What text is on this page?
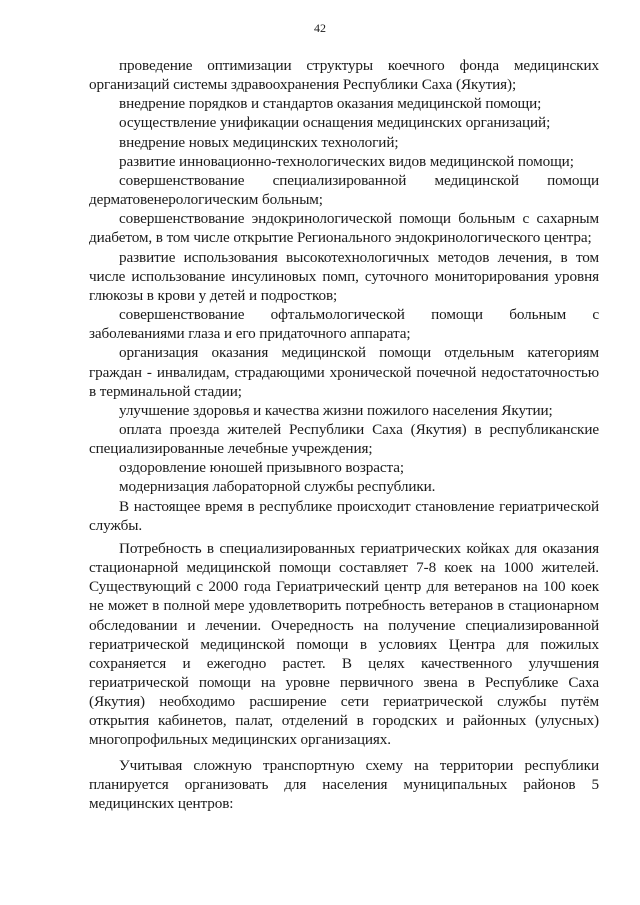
42

проведение оптимизации структуры коечного фонда медицинских организаций системы здравоохранения Республики Саха (Якутия);

внедрение порядков и стандартов оказания медицинской помощи;

осуществление унификации оснащения медицинских организаций;

внедрение новых медицинских технологий;

развитие инновационно-технологических видов медицинской помощи;

совершенствование специализированной медицинской помощи дерматовенерологическим больным;

совершенствование эндокринологической помощи больным с сахарным диабетом, в том числе открытие Регионального эндокринологического центра;

развитие использования высокотехнологичных методов лечения, в том числе использование инсулиновых помп, суточного мониторирования уровня глюкозы в крови у детей и подростков;

совершенствование офтальмологической помощи больным с заболеваниями глаза и его придаточного аппарата;

организация оказания медицинской помощи отдельным категориям граждан - инвалидам, страдающими хронической почечной недостаточностью в терминальной стадии;

улучшение здоровья и качества жизни пожилого населения Якутии;

оплата проезда жителей Республики Саха (Якутия) в республиканские специализированные лечебные учреждения;

оздоровление юношей призывного возраста;

модернизация лабораторной службы республики.

В настоящее время в республике происходит становление гериатрической службы.

Потребность в специализированных гериатрических койках для оказания стационарной медицинской помощи составляет 7-8 коек на 1000 жителей. Существующий с 2000 года Гериатрический центр для ветеранов на 100 коек не может в полной мере удовлетворить потребность ветеранов в стационарном обследовании и лечении. Очередность на получение специализированной гериатрической медицинской помощи в условиях Центра для пожилых сохраняется и ежегодно растет. В целях качественного улучшения гериатрической помощи на уровне первичного звена в Республике Саха (Якутия) необходимо расширение сети гериатрической службы путём открытия кабинетов, палат, отделений в городских и районных (улусных) многопрофильных медицинских организациях.

Учитывая сложную транспортную схему на территории республики планируется организовать для населения муниципальных районов 5 медицинских центров:
